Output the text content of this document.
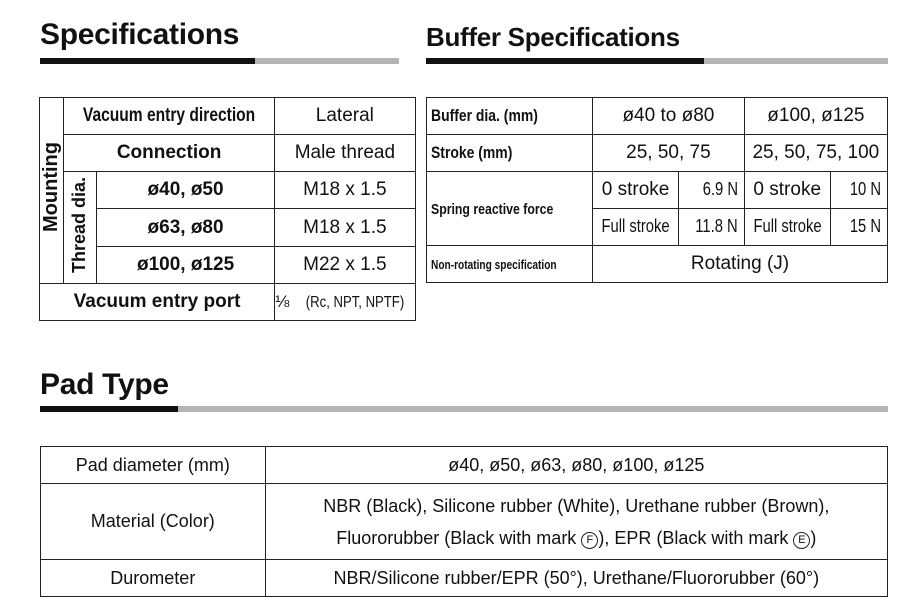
Specifications	Buffer Specifications
Pad Type
Mounting	Vacuum entry direction		Lateral
	Connection		Male thread
	Thread dia.	ø40, ø50	M18 x 1.5
		ø63, ø80	M18 x 1.5
		ø100, ø125	M22 x 1.5
Vacuum entry port			⅛ (Rc, NPT, NPTF)
Buffer dia. (mm)	ø40 to ø80		ø100, ø125	
Stroke (mm)	25, 50, 75		25, 50, 75, 100	
Spring reactive force	0 stroke	6.9 N	0 stroke	10 N
	Full stroke	11.8 N	Full stroke	15 N
Non-rotating specification	Rotating (J)			
Pad diameter (mm)	ø40, ø50, ø63, ø80, ø100, ø125
Material (Color)	NBR (Black), Silicone rubber (White), Urethane rubber (Brown),
Fluororubber (Black with mark F ), EPR (Black with mark E )

Durometer	NBR/Silicone rubber/EPR (50°), Urethane/Fluororubber (60°)
